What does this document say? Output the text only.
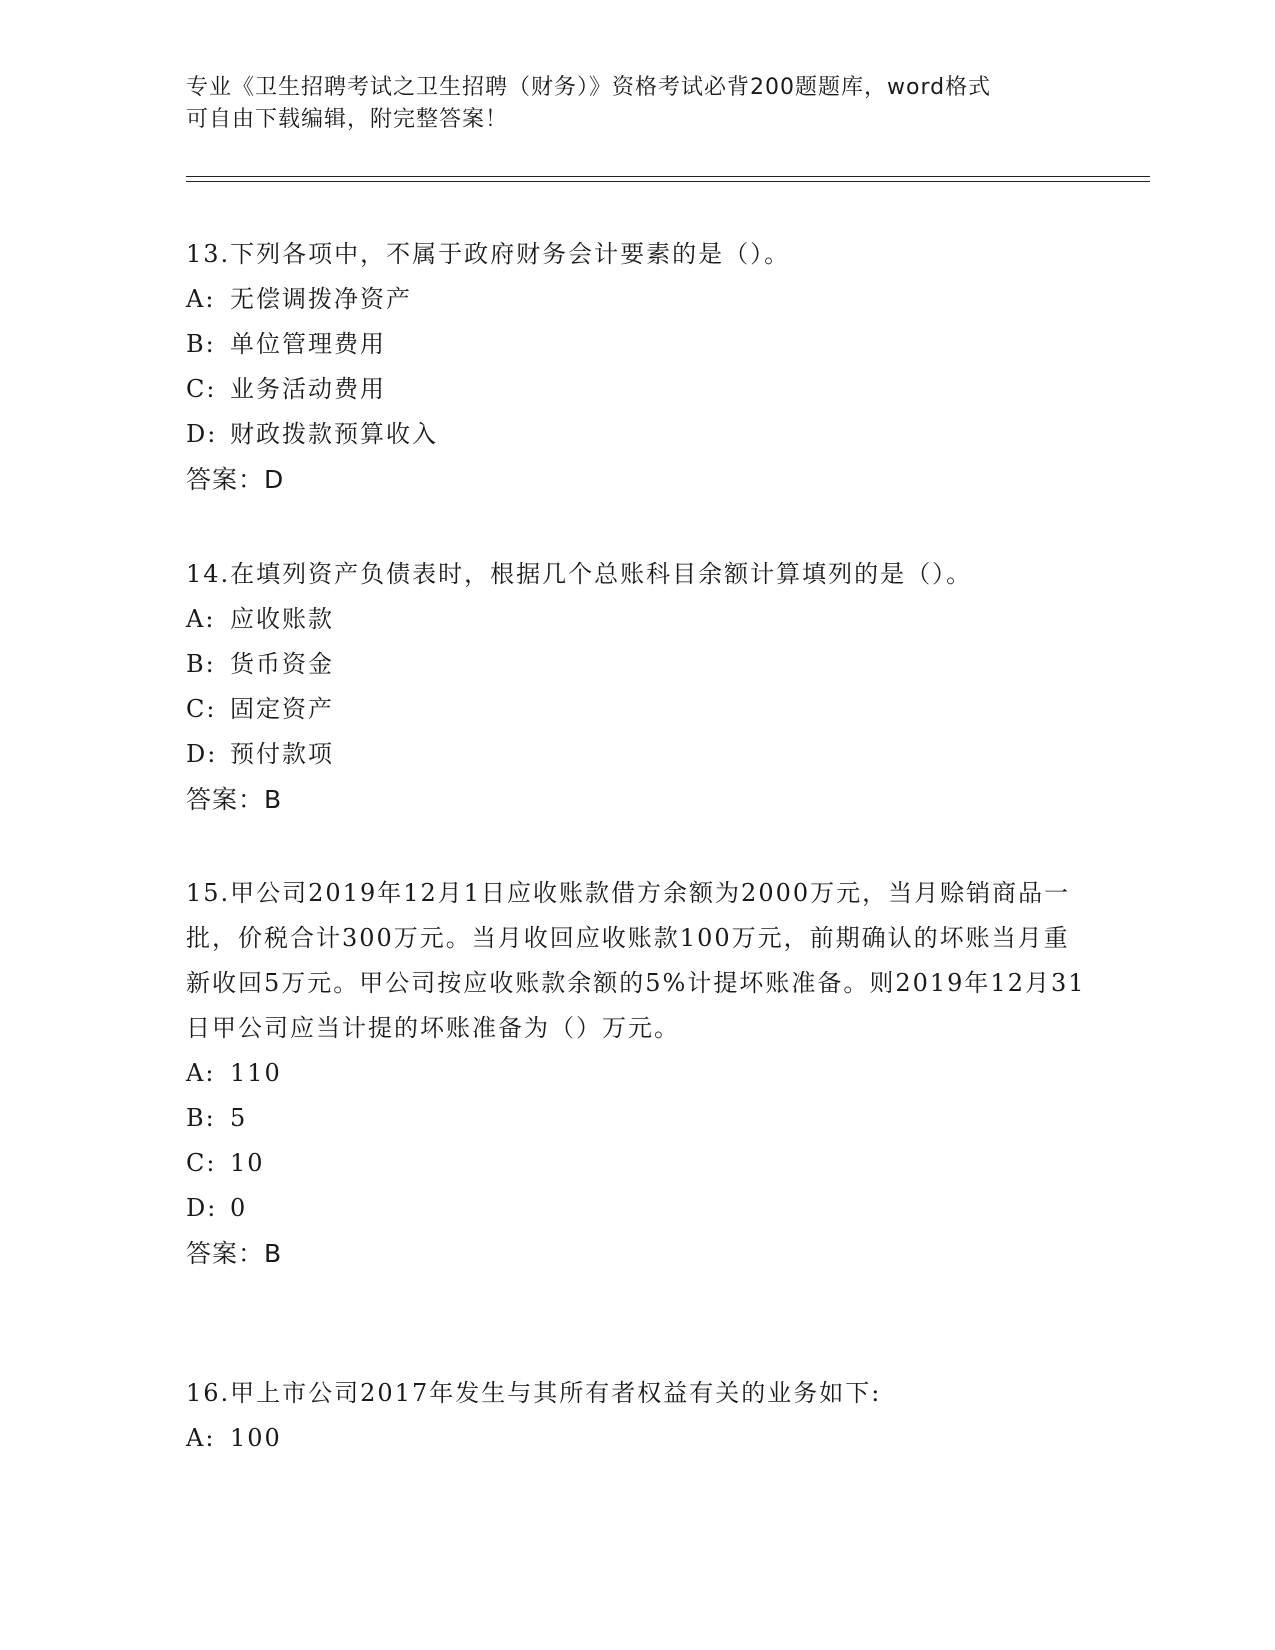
专业《卫生招聘考试之卫生招聘（财务）》资格考试必背200题题库，word格式

可自由下载编辑，附完整答案！

13.下列各项中，不属于政府财务会计要素的是（）。

A: 无偿调拨净资产

B: 单位管理费用

C: 业务活动费用

D: 财政拨款预算收入

答案：D

14.在填列资产负债表时，根据几个总账科目余额计算填列的是（）。

A: 应收账款

B: 货币资金

C: 固定资产

D: 预付款项

答案：B

15.甲公司2019年12月1日应收账款借方余额为2000万元，当月赊销商品一批，价税合计300万元。当月收回应收账款100万元，前期确认的坏账当月重新收回5万元。甲公司按应收账款余额的5%计提坏账准备。则2019年12月31日甲公司应当计提的坏账准备为（）万元。

A: 110

B: 5

C: 10

D: 0

答案：B

16.甲上市公司2017年发生与其所有者权益有关的业务如下:

A: 100
